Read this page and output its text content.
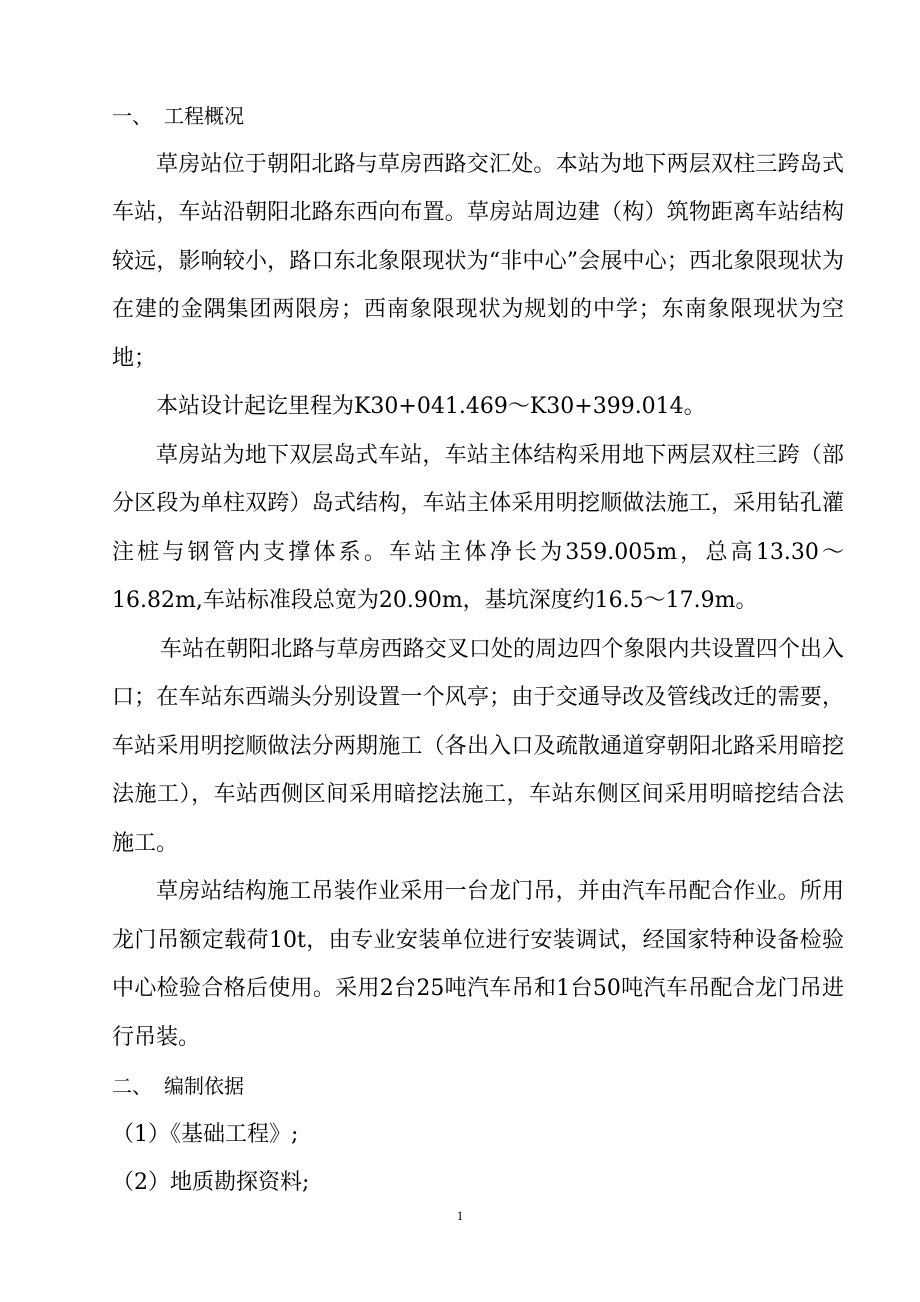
一、 工程概况

草房站位于朝阳北路与草房西路交汇处。本站为地下两层双柱三跨岛式车站，车站沿朝阳北路东西向布置。草房站周边建（构）筑物距离车站结构较远，影响较小，路口东北象限现状为“非中心”会展中心；西北象限现状为在建的金隅集团两限房；西南象限现状为规划的中学；东南象限现状为空地；

本站设计起讫里程为K30+041.469～K30+399.014。

草房站为地下双层岛式车站，车站主体结构采用地下两层双柱三跨（部分区段为单柱双跨）岛式结构，车站主体采用明挖顺做法施工，采用钻孔灌注桩与钢管内支撑体系。车站主体净长为359.005m，总高13.30～16.82m,车站标准段总宽为20.90m，基坑深度约16.5～17.9m。

车站在朝阳北路与草房西路交叉口处的周边四个象限内共设置四个出入口；在车站东西端头分别设置一个风亭；由于交通导改及管线改迁的需要，车站采用明挖顺做法分两期施工（各出入口及疏散通道穿朝阳北路采用暗挖法施工），车站西侧区间采用暗挖法施工，车站东侧区间采用明暗挖结合法施工。

草房站结构施工吊装作业采用一台龙门吊，并由汽车吊配合作业。所用龙门吊额定载荷10t，由专业安装单位进行安装调试，经国家特种设备检验中心检验合格后使用。采用2台25吨汽车吊和1台50吨汽车吊配合龙门吊进行吊装。

二、 编制依据
（1）《基础工程》;
（2）地质勘探资料;
1
